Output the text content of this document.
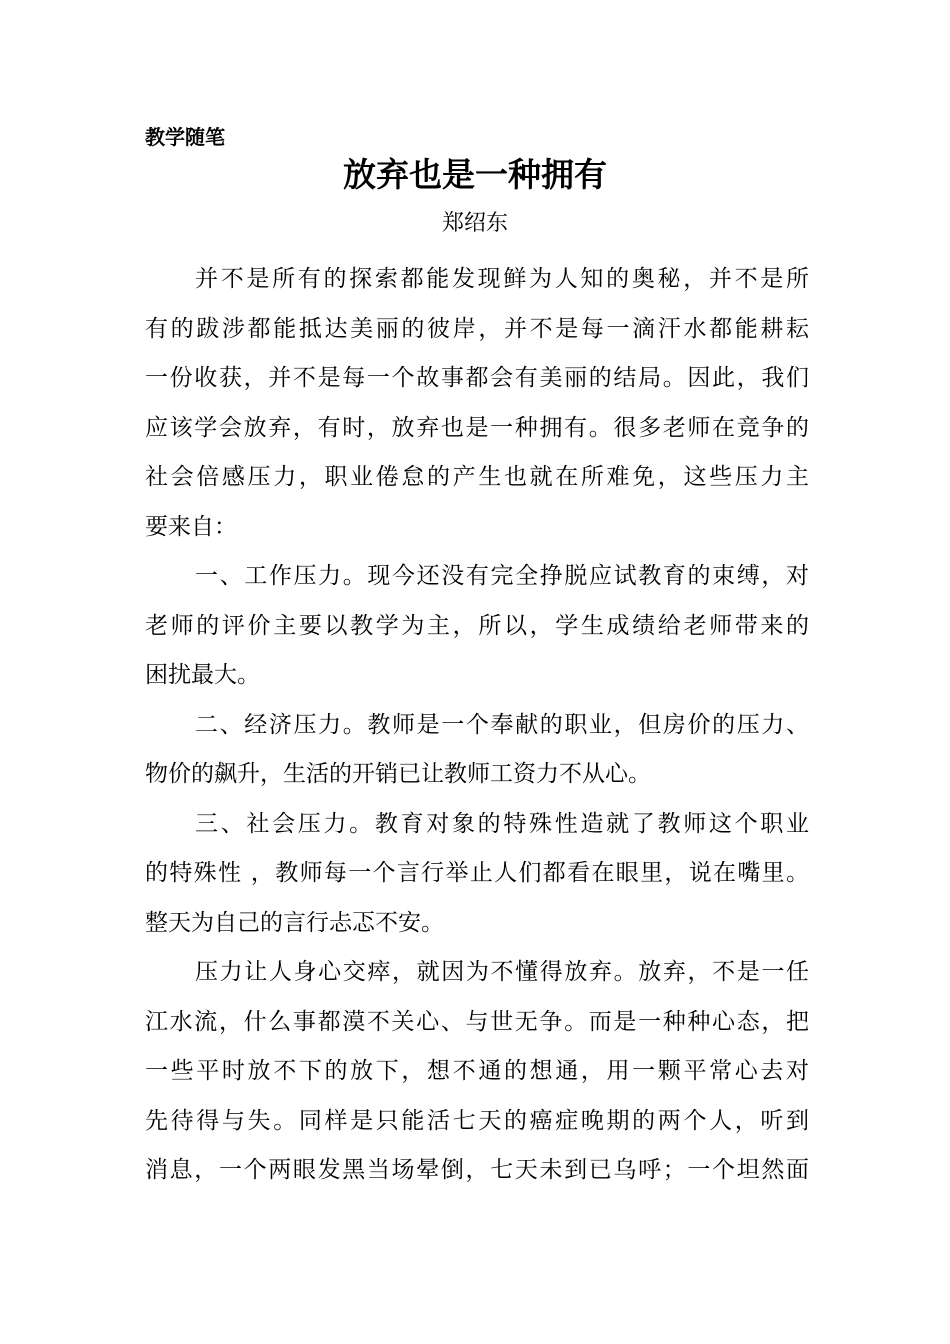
教学随笔

放弃也是一种拥有

郑绍东

并不是所有的探索都能发现鲜为人知的奥秘，并不是所
有的跋涉都能抵达美丽的彼岸，并不是每一滴汗水都能耕耘
一份收获，并不是每一个故事都会有美丽的结局。因此，我们
应该学会放弃，有时，放弃也是一种拥有。很多老师在竞争的
社会倍感压力，职业倦怠的产生也就在所难免，这些压力主
要来自：
一、工作压力。现今还没有完全挣脱应试教育的束缚，对
老师的评价主要以教学为主，所以，学生成绩给老师带来的
困扰最大。
二、经济压力。教师是一个奉献的职业，但房价的压力、
物价的飙升，生活的开销已让教师工资力不从心。
三、社会压力。教育对象的特殊性造就了教师这个职业
的特殊性 ，教师每一个言行举止人们都看在眼里，说在嘴里。
整天为自己的言行忐忑不安。
压力让人身心交瘁，就因为不懂得放弃。放弃，不是一任
江水流，什么事都漠不关心、与世无争。而是一种种心态，把
一些平时放不下的放下，想不通的想通，用一颗平常心去对
先待得与失。同样是只能活七天的癌症晚期的两个人，听到
消息，一个两眼发黑当场晕倒，七天未到已乌呼；一个坦然面
